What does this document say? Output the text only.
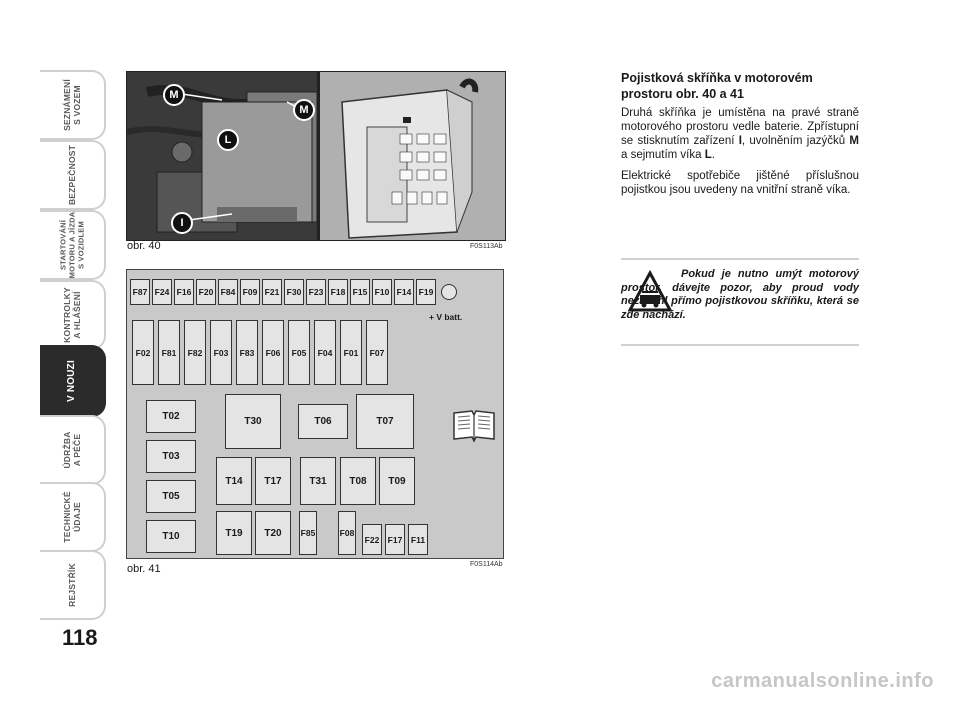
SEZNÁMENÍ
S VOZEM
BEZPEČNOST
STARTOVÁNÍ
MOTORU A JÍZDA
S VOZIDLEM
KONTROLKY
A HLÁŠENÍ
V NOUZI
ÚDRŽBA
A PÉČE
TECHNICKÉ
ÚDAJE
REJSTŘÍK
118
M
M
L
I
obr. 40	F0S113Ab
F87 F24 F16 F20 F84 F09 F21 F30 F23 F18 F15 F10 F14 F19
+ V batt.
F02	F81	F82	F03	F83	F06	F05	F04	F01	F07
T02
T03
T05
T10
T30	T06	T07
T14	T17	T31	T08	T09
T19	T20	F85	F08
F22 F17	F11
obr. 41	F0S114Ab
Pojistková skříňka v motorovém prostoru obr. 40 a 41

Druhá skříňka je umístěna na pravé straně motorového prostoru vedle baterie. Zpřístupní se stisknutím zařízení I, uvolněním jazýčků M a sejmutím víka L.

Elektrické spotřebiče jištěné příslušnou pojistkou jsou uvedeny na vnitřní straně víka.

Pokud je nutno umýt motorový prostor, dávejte pozor, aby proud vody nezasáhl přímo pojistkovou skříňku, která se zde nachází.
carmanualsonline.info
